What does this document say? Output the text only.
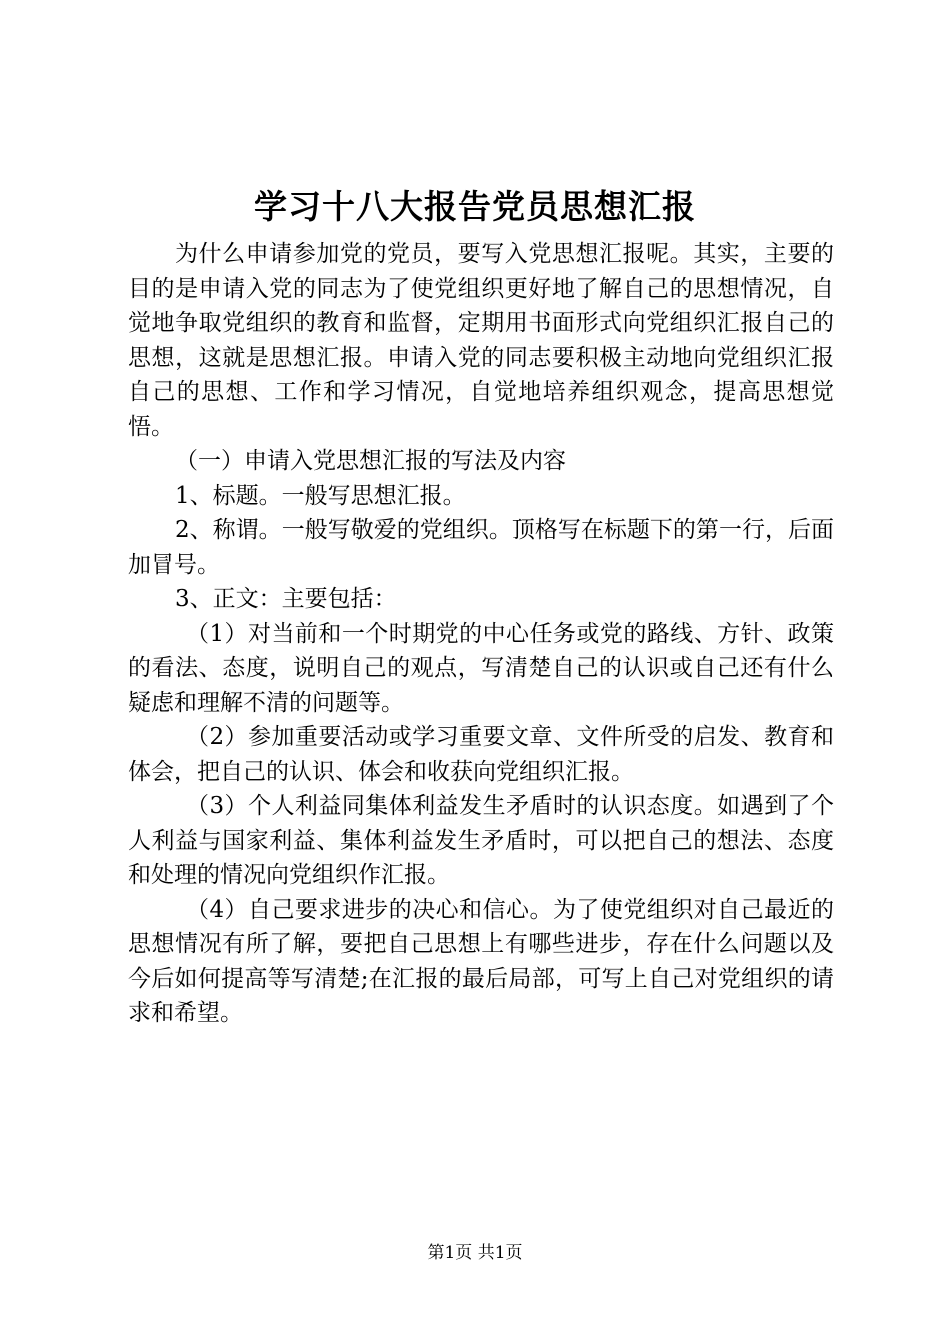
学习十八大报告党员思想汇报

为什么申请参加党的党员，要写入党思想汇报呢。其实，主要的目的是申请入党的同志为了使党组织更好地了解自己的思想情况，自觉地争取党组织的教育和监督，定期用书面形式向党组织汇报自己的思想，这就是思想汇报。申请入党的同志要积极主动地向党组织汇报自己的思想、工作和学习情况，自觉地培养组织观念，提高思想觉悟。

（一）申请入党思想汇报的写法及内容

1、标题。一般写思想汇报。

2、称谓。一般写敬爱的党组织。顶格写在标题下的第一行，后面加冒号。

3、正文：主要包括：

（1）对当前和一个时期党的中心任务或党的路线、方针、政策的看法、态度，说明自己的观点，写清楚自己的认识或自己还有什么疑虑和理解不清的问题等。

（2）参加重要活动或学习重要文章、文件所受的启发、教育和体会，把自己的认识、体会和收获向党组织汇报。

（3）个人利益同集体利益发生矛盾时的认识态度。如遇到了个人利益与国家利益、集体利益发生矛盾时，可以把自己的想法、态度和处理的情况向党组织作汇报。

（4）自己要求进步的决心和信心。为了使党组织对自己最近的思想情况有所了解，要把自己思想上有哪些进步，存在什么问题以及今后如何提高等写清楚;在汇报的最后局部，可写上自己对党组织的请求和希望。

第1页 共1页
